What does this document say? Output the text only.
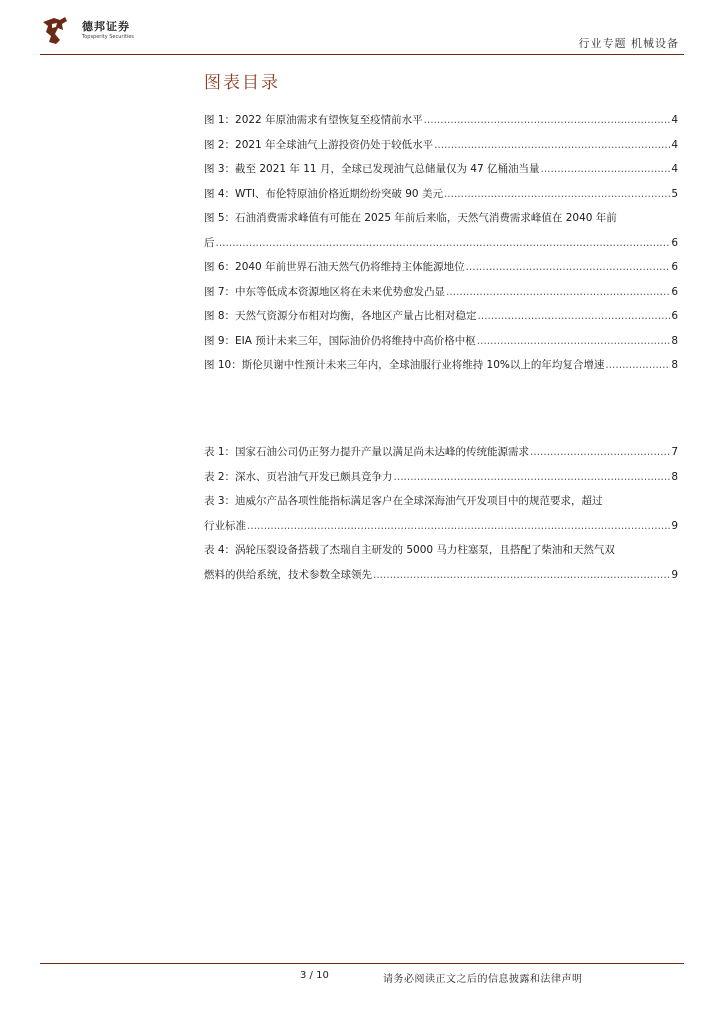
德邦证券
Topsperity Securities	行业专题 机械设备
图表目录
图 1：2022 年原油需求有望恢复至疫情前水平 .....	4
图 2：2021 年全球油气上游投资仍处于较低水平 .....	4
图 3：截至 2021 年 11 月，全球已发现油气总储量仅为 47 亿桶油当量 .....	4
图 4：WTI、布伦特原油价格近期纷纷突破 90 美元 .....	5
图 5：石油消费需求峰值有可能在 2025 年前后来临，天然气消费需求峰值在 2040 年前
后 .....	6
图 6：2040 年前世界石油天然气仍将维持主体能源地位 .....	6
图 7：中东等低成本资源地区将在未来优势愈发凸显 .....	6
图 8：天然气资源分布相对均衡，各地区产量占比相对稳定 .....	6
图 9：EIA 预计未来三年，国际油价仍将维持中高价格中枢 .....	8
图 10：斯伦贝谢中性预计未来三年内，全球油服行业将维持 10%以上的年均复合增速 .....	8
表 1：国家石油公司仍正努力提升产量以满足尚未达峰的传统能源需求 .....	7
表 2：深水、页岩油气开发已颇具竞争力 .....	8
表 3：迪威尔产品各项性能指标满足客户在全球深海油气开发项目中的规范要求，超过
行业标准 .....	9
表 4：涡轮压裂设备搭载了杰瑞自主研发的 5000 马力柱塞泵，且搭配了柴油和天然气双
燃料的供给系统，技术参数全球领先 .....	9
3 / 10	请务必阅读正文之后的信息披露和法律声明
